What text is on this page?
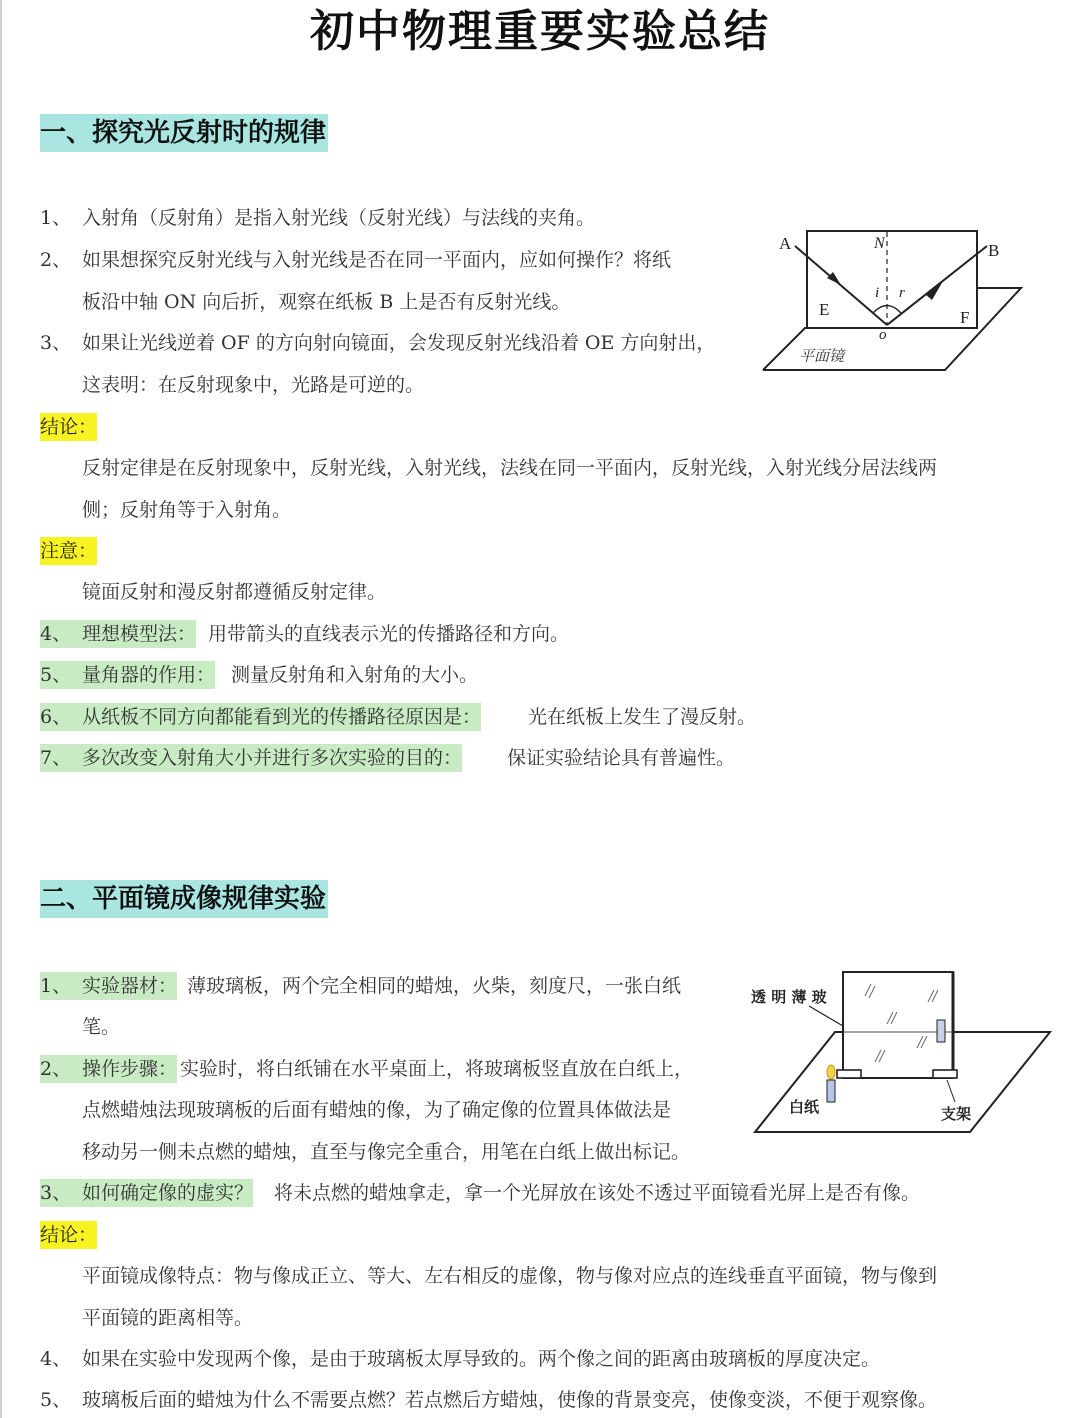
初中物理重要实验总结
一、探究光反射时的规律
1、 入射角（反射角）是指入射光线（反射光线）与法线的夹角。
2、 如果想探究反射光线与入射光线是否在同一平面内，应如何操作？将纸
板沿中轴 ON 向后折，观察在纸板 B 上是否有反射光线。
3、 如果让光线逆着 OF 的方向射向镜面，会发现反射光线沿着 OE 方向射出，
这表明：在反射现象中，光路是可逆的。
A	B
N
E	F
i r
o
平面镜
结论：
反射定律是在反射现象中，反射光线，入射光线，法线在同一平面内，反射光线，入射光线分居法线两
侧；反射角等于入射角。
注意：
镜面反射和漫反射都遵循反射定律。
4、 理想模型法： 用带箭头的直线表示光的传播路径和方向。
5、 量角器的作用： 测量反射角和入射角的大小。
6、 从纸板不同方向都能看到光的传播路径原因是： 光在纸板上发生了漫反射。
7、 多次改变入射角大小并进行多次实验的目的： 保证实验结论具有普遍性。
二、平面镜成像规律实验
1、 实验器材： 薄玻璃板，两个完全相同的蜡烛，火柴，刻度尺，一张白纸
笔。
2、 操作步骤： 实验时，将白纸铺在水平桌面上，将玻璃板竖直放在白纸上，
点燃蜡烛法现玻璃板的后面有蜡烛的像，为了确定像的位置具体做法是
移动另一侧未点燃的蜡烛，直至与像完全重合，用笔在白纸上做出标记。
透 明 薄 玻
白纸	支架
3、 如何确定像的虚实？ 将未点燃的蜡烛拿走，拿一个光屏放在该处不透过平面镜看光屏上是否有像。
结论：
平面镜成像特点：物与像成正立、等大、左右相反的虚像，物与像对应点的连线垂直平面镜，物与像到
平面镜的距离相等。
4、 如果在实验中发现两个像，是由于玻璃板太厚导致的。两个像之间的距离由玻璃板的厚度决定。
5、 玻璃板后面的蜡烛为什么不需要点燃？若点燃后方蜡烛，使像的背景变亮，使像变淡，不便于观察像。
